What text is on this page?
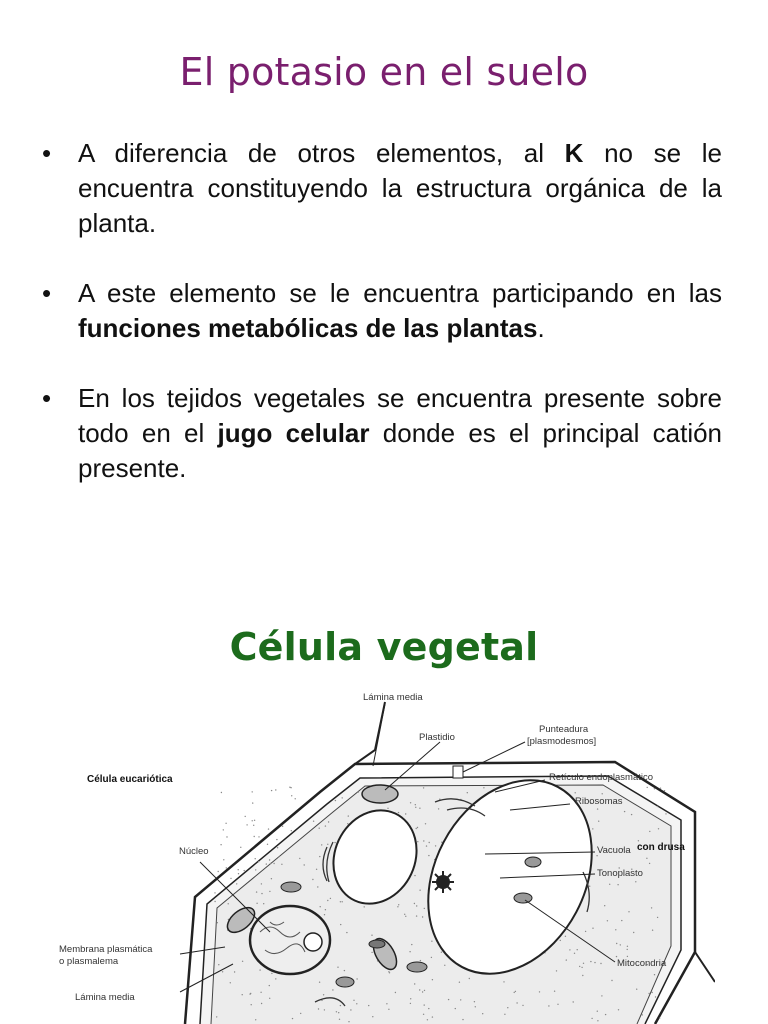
El potasio en el suelo
• A diferencia de otros elementos, al K no se le encuentra constituyendo la estructura orgánica de la planta.
• A este elemento se le encuentra participando en las funciones metabólicas de las plantas.
• En los tejidos vegetales se encuentra presente sobre todo en el jugo celular donde es el principal catión presente.
Célula vegetal
Célula eucariótica
Lámina media
Plastidio
Punteadura
[plasmodesmos]
Retículo endoplasmático
Ribosomas
Núcleo	Vacuola con drusa
Tonoplasto
Membrana plasmática
o plasmalema
Lámina media
Mitocondria
